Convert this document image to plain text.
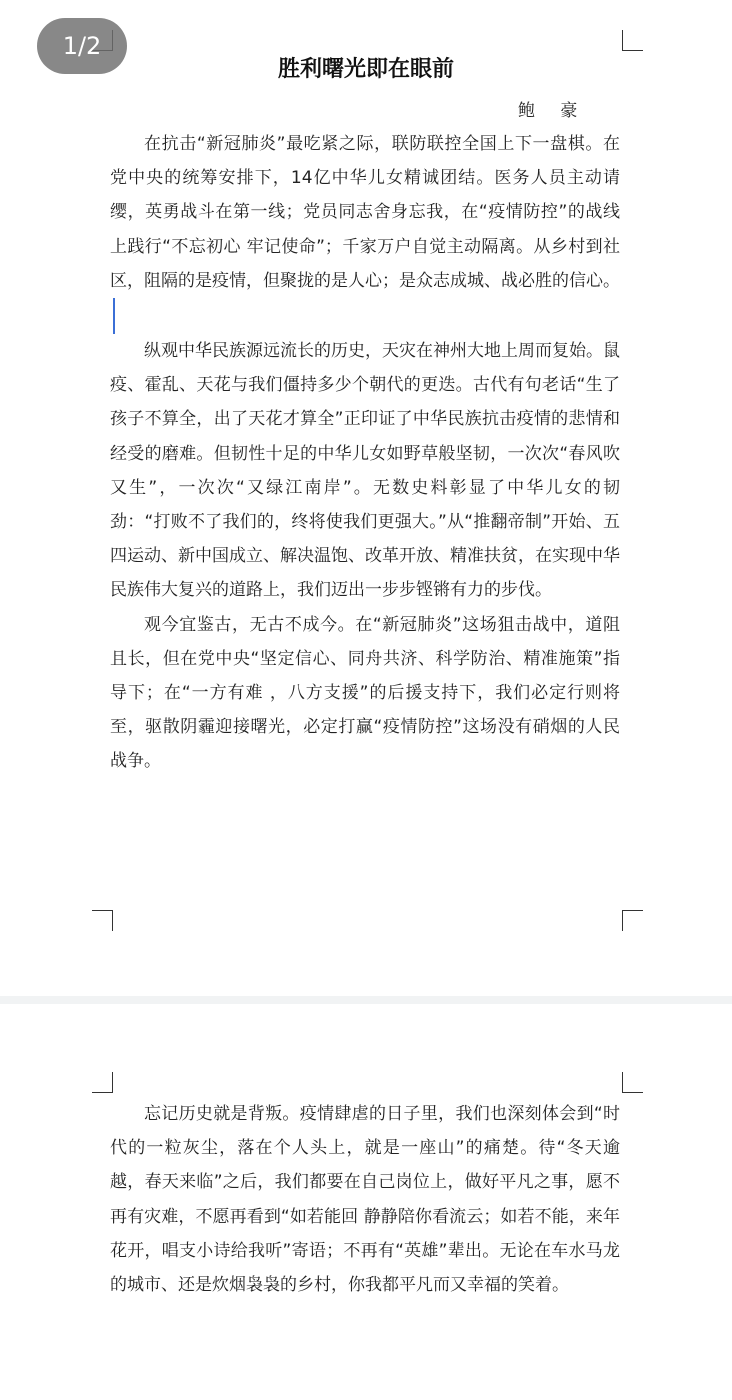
胜利曙光即在眼前
鲍 豪

在抗击“新冠肺炎”最吃紧之际，联防联控全国上下一盘棋。在党中央的统筹安排下，14亿中华儿女精诚团结。医务人员主动请缨，英勇战斗在第一线；党员同志舍身忘我，在“疫情防控”的战线上践行“不忘初心 牢记使命”；千家万户自觉主动隔离。从乡村到社区，阻隔的是疫情，但聚拢的是人心；是众志成城、战必胜的信心。

纵观中华民族源远流长的历史，天灾在神州大地上周而复始。鼠疫、霍乱、天花与我们僵持多少个朝代的更迭。古代有句老话“生了孩子不算全，出了天花才算全”正印证了中华民族抗击疫情的悲情和经受的磨难。但韧性十足的中华儿女如野草般坚韧，一次次“春风吹又生”，一次次“又绿江南岸”。无数史料彰显了中华儿女的韧劲：“打败不了我们的，终将使我们更强大。”从“推翻帝制”开始、五四运动、新中国成立、解决温饱、改革开放、精准扶贫，在实现中华民族伟大复兴的道路上，我们迈出一步步铿锵有力的步伐。

观今宜鉴古，无古不成今。在“新冠肺炎”这场狙击战中，道阻且长，但在党中央“坚定信心、同舟共济、科学防治、精准施策”指导下；在“一方有难 ，八方支援”的后援支持下，我们必定行则将至，驱散阴霾迎接曙光，必定打赢“疫情防控”这场没有硝烟的人民战争。

忘记历史就是背叛。疫情肆虐的日子里，我们也深刻体会到“时代的一粒灰尘，落在个人头上，就是一座山”的痛楚。待“冬天逾越，春天来临”之后，我们都要在自己岗位上，做好平凡之事，愿不再有灾难，不愿再看到“如若能回 静静陪你看流云；如若不能，来年花开，唱支小诗给我听”寄语；不再有“英雄”辈出。无论在车水马龙的城市、还是炊烟袅袅的乡村，你我都平凡而又幸福的笑着。

1/2
